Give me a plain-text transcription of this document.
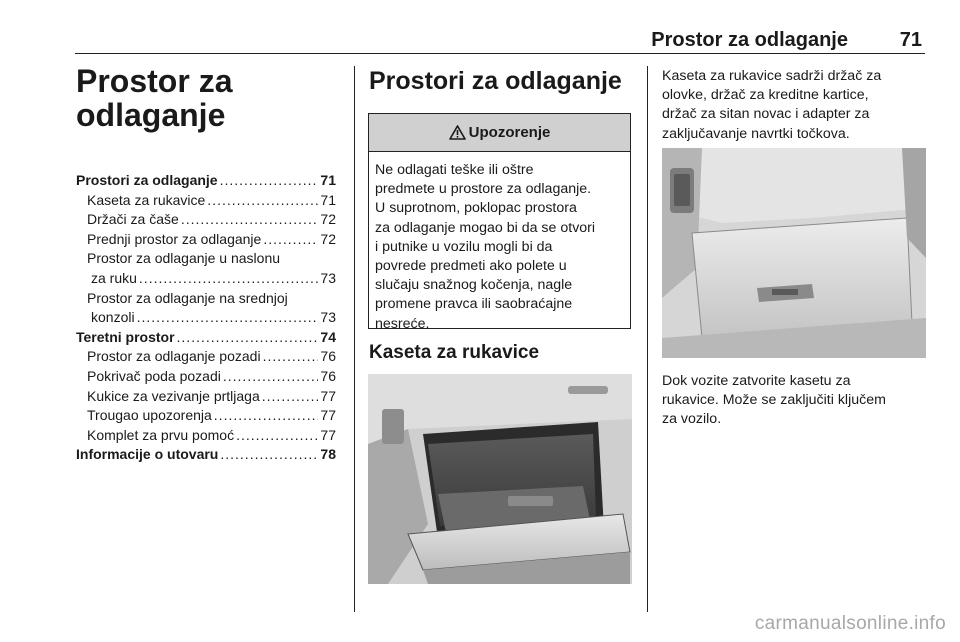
Prostor za odlaganje	71
Prostor za
odlaganje
Prostori za odlaganje .....	71
Kaseta za rukavice .....	71
Držači za čaše .....	72
Prednji prostor za odlaganje .....	72
Prostor za odlaganje u naslonu
za ruku .....	73
Prostor za odlaganje na srednjoj
konzoli .....	73
Teretni prostor .....	74
Prostor za odlaganje pozadi .....	76
Pokrivač poda pozadi .....	76
Kukice za vezivanje prtljaga .....	77
Trougao upozorenja .....	77
Komplet za prvu pomoć .....	77
Informacije o utovaru .....	78
Prostori za odlaganje
Upozorenje
Ne odlagati teške ili oštre
predmete u prostore za odlaganje.
U suprotnom, poklopac prostora
za odlaganje mogao bi da se otvori
i putnike u vozilu mogli bi da
povrede predmeti ako polete u
slučaju snažnog kočenja, nagle
promene pravca ili saobraćajne
nesreće.
Kaseta za rukavice
Kaseta za rukavice sadrži držač za
olovke, držač za kreditne kartice,
držač za sitan novac i adapter za
zaključavanje navrtki točkova.
Dok vozite zatvorite kasetu za
rukavice. Može se zaključiti ključem
za vozilo.
carmanualsonline.info
